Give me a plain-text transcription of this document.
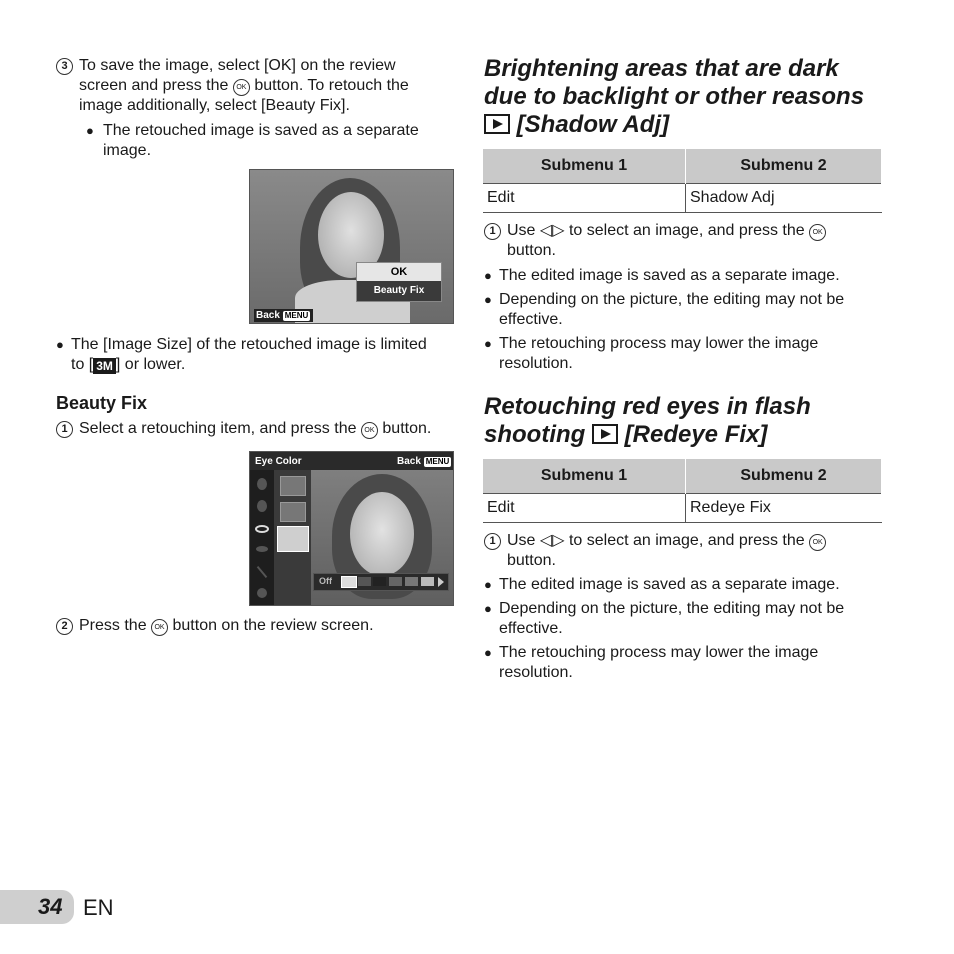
3 To save the image, select [OK] on the review
screen and press the OK button. To retouch the
image additionally, select [Beauty Fix].
● The retouched image is saved as a separate
image.
OK
Beauty Fix
Back MENU
● The [Image Size] of the retouched image is limited
to [ 3M ] or lower.
Beauty Fix
1 Select a retouching item, and press the OK button.
Eye Color	Back MENU
Off
2 Press the OK button on the review screen.
Brightening areas that are dark
due to backlight or other reasons
[Shadow Adj]
Submenu 1	Submenu 2
Edit	Shadow Adj
1 Use ◁▷ to select an image, and press the OK
button.
● The edited image is saved as a separate image.
● Depending on the picture, the editing may not be
effective.
● The retouching process may lower the image
resolution.
Retouching red eyes in flash
shooting [Redeye Fix]
Submenu 1	Submenu 2
Edit	Redeye Fix
1 Use ◁▷ to select an image, and press the OK
button.
● The edited image is saved as a separate image.
● Depending on the picture, the editing may not be
effective.
● The retouching process may lower the image
resolution.
34 EN
